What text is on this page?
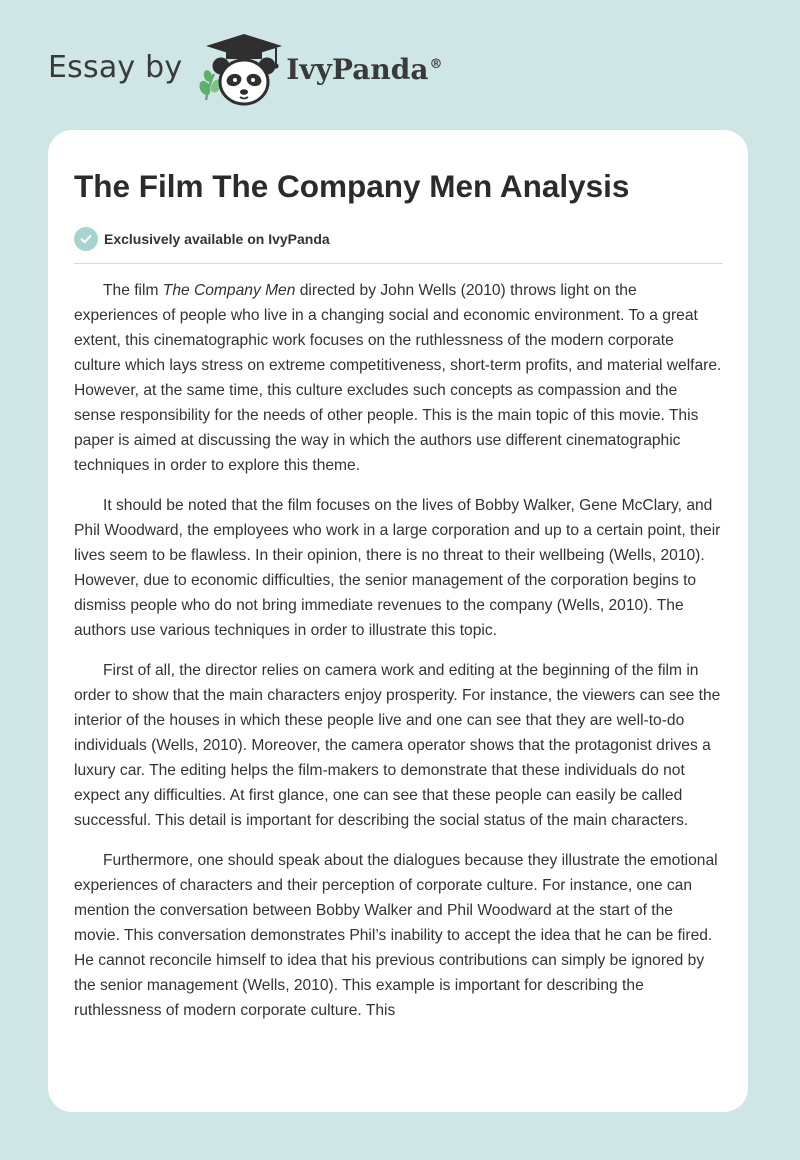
Essay by	IvyPanda®
The Film The Company Men Analysis
Exclusively available on IvyPanda

The film The Company Men directed by John Wells (2010) throws light on the experiences of people who live in a changing social and economic environment. To a great extent, this cinematographic work focuses on the ruthlessness of the modern corporate culture which lays stress on extreme competitiveness, short-term profits, and material welfare. However, at the same time, this culture excludes such concepts as compassion and the sense responsibility for the needs of other people. This is the main topic of this movie. This paper is aimed at discussing the way in which the authors use different cinematographic techniques in order to explore this theme.

It should be noted that the film focuses on the lives of Bobby Walker, Gene McClary, and Phil Woodward, the employees who work in a large corporation and up to a certain point, their lives seem to be flawless. In their opinion, there is no threat to their wellbeing (Wells, 2010). However, due to economic difficulties, the senior management of the corporation begins to dismiss people who do not bring immediate revenues to the company (Wells, 2010). The authors use various techniques in order to illustrate this topic.

First of all, the director relies on camera work and editing at the beginning of the film in order to show that the main characters enjoy prosperity. For instance, the viewers can see the interior of the houses in which these people live and one can see that they are well-to-do individuals (Wells, 2010). Moreover, the camera operator shows that the protagonist drives a luxury car. The editing helps the film-makers to demonstrate that these individuals do not expect any difficulties. At first glance, one can see that these people can easily be called successful. This detail is important for describing the social status of the main characters.

Furthermore, one should speak about the dialogues because they illustrate the emotional experiences of characters and their perception of corporate culture. For instance, one can mention the conversation between Bobby Walker and Phil Woodward at the start of the movie. This conversation demonstrates Phil’s inability to accept the idea that he can be fired. He cannot reconcile himself to idea that his previous contributions can simply be ignored by the senior management (Wells, 2010). This example is important for describing the ruthlessness of modern corporate culture. This
